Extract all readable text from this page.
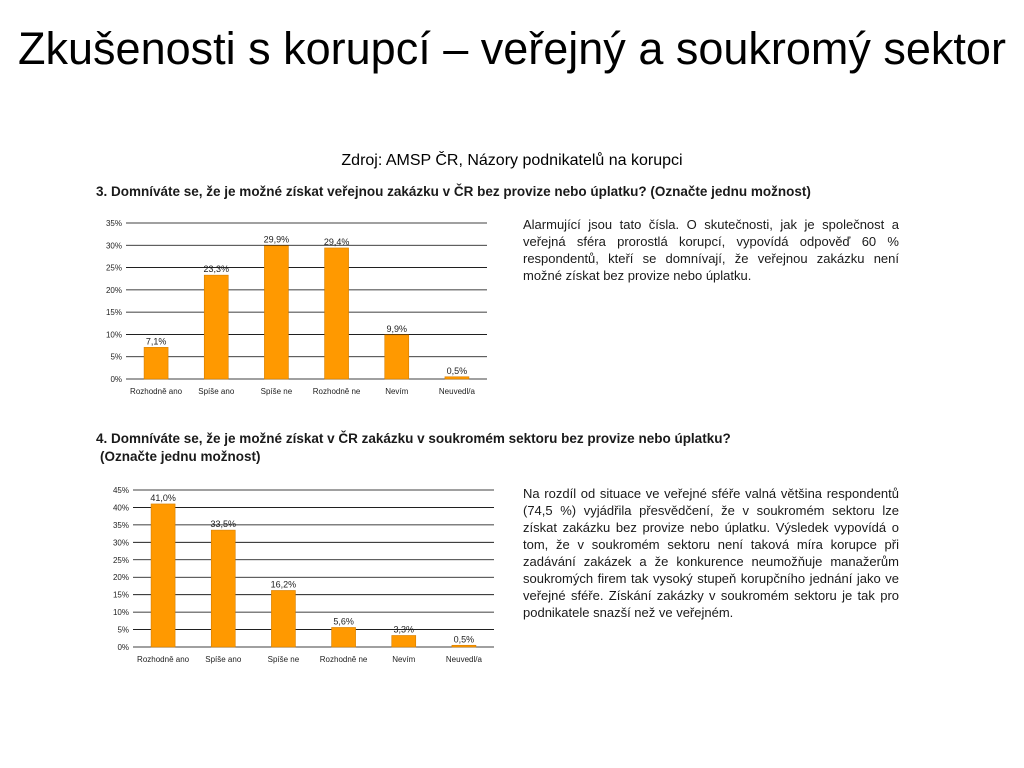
Zkušenosti s korupcí – veřejný a soukromý sektor
Zdroj: AMSP ČR, Názory podnikatelů na korupci
3. Domníváte se, že je možné získat veřejnou zakázku v ČR bez provize nebo úplatku? (Označte jednu možnost)
Alarmující jsou tato čísla. O skutečnosti, jak je společnost a veřejná sféra prorostlá korupcí, vypovídá odpověď 60 % respondentů, kteří se domnívají, že veřejnou zakázku není možné získat bez provize nebo úplatku.
4. Domníváte se, že je možné získat v ČR zakázku v soukromém sektoru bez provize nebo úplatku?
(Označte jednu možnost)
Na rozdíl od situace ve veřejné sféře valná většina respondentů (74,5 %) vyjádřila přesvědčení, že v soukromém sektoru lze získat zakázku bez provize nebo úplatku. Výsledek vypovídá o tom, že v soukromém sektoru není taková míra korupce při zadávání zakázek a že konkurence neumožňuje manažerům soukromých firem tak vysoký stupeň korupčního jednání jako ve veřejné sféře. Získání zakázky v soukromém sektoru je tak pro podnikatele snazší než ve veřejném.
0%
5%
10%
15%
20%
25%
30%
35%
7,1%
Rozhodně ano
23,3%
Spíše ano
29,9%
Spíše ne
29,4%
Rozhodně ne
9,9%
Nevím
0,5%
Neuvedl/a
0%
5%
10%
15%
20%
25%
30%
35%
40%
45%
41,0%
Rozhodně ano
33,5%
Spíše ano
16,2%
Spíše ne
5,6%
Rozhodně ne
3,3%
Nevím
0,5%
Neuvedl/a
